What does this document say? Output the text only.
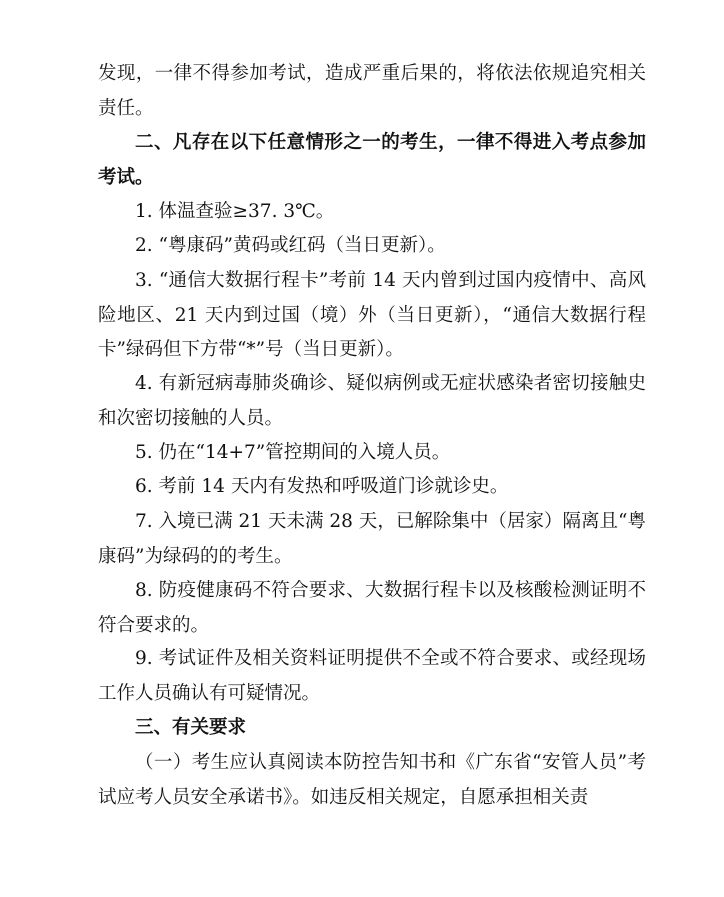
发现，一律不得参加考试，造成严重后果的，将依法依规追究相关责任。

二、凡存在以下任意情形之一的考生，一律不得进入考点参加考试。

1. 体温查验≥37. 3℃。

2. “粤康码”黄码或红码（当日更新）。

3. “通信大数据行程卡”考前 14 天内曾到过国内疫情中、高风险地区、21 天内到过国（境）外（当日更新），“通信大数据行程卡”绿码但下方带“*”号（当日更新）。

4. 有新冠病毒肺炎确诊、疑似病例或无症状感染者密切接触史和次密切接触的人员。

5. 仍在“14+7”管控期间的入境人员。

6. 考前 14 天内有发热和呼吸道门诊就诊史。

7. 入境已满 21 天未满 28 天，已解除集中（居家）隔离且“粤康码”为绿码的的考生。

8. 防疫健康码不符合要求、大数据行程卡以及核酸检测证明不符合要求的。

9. 考试证件及相关资料证明提供不全或不符合要求、或经现场工作人员确认有可疑情况。

三、有关要求

（一）考生应认真阅读本防控告知书和《广东省“安管人员”考试应考人员安全承诺书》。如违反相关规定，自愿承担相关责
